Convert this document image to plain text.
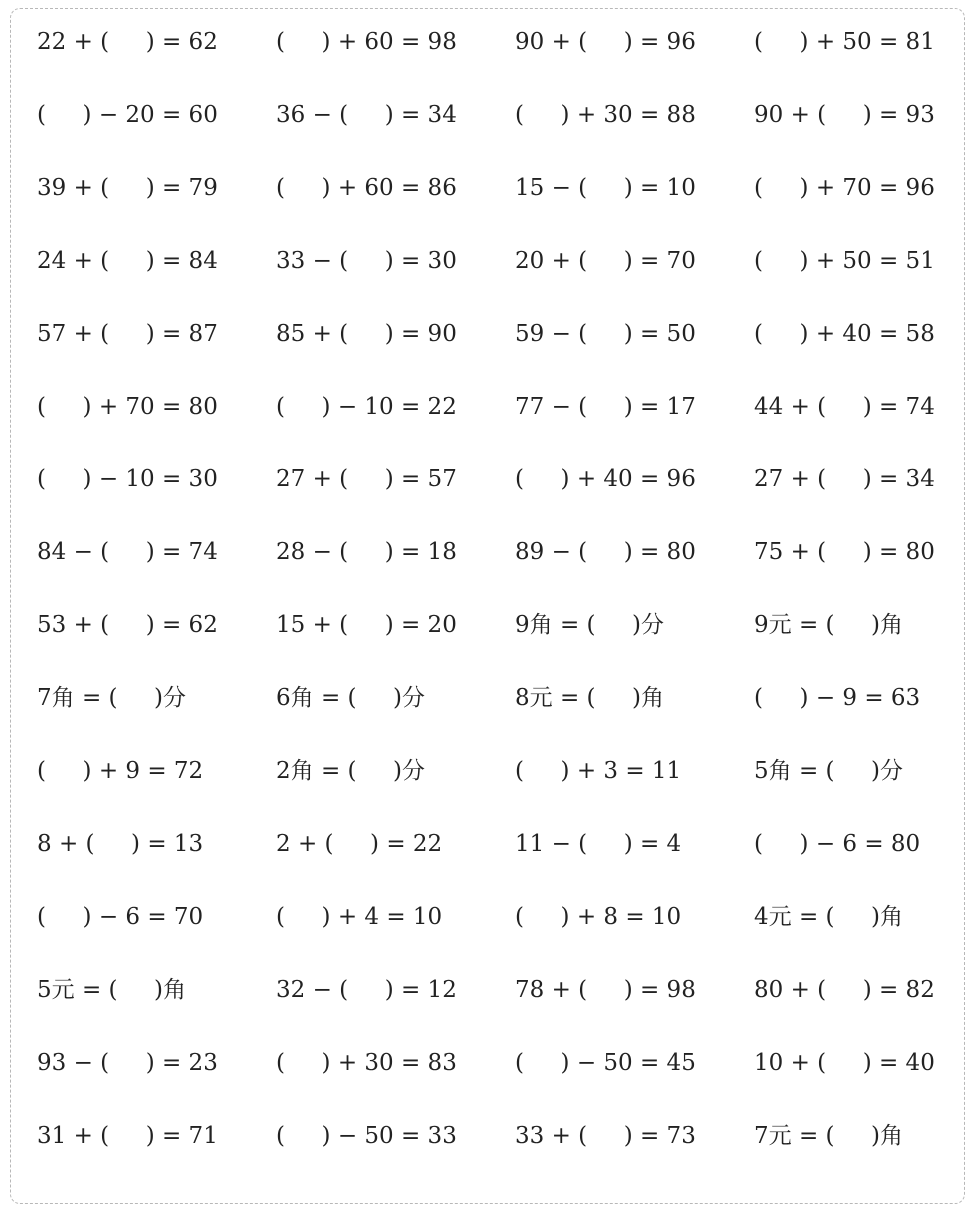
22 + (     ) = 62	(     ) + 60 = 98	90 + (     ) = 96	(     ) + 50 = 81
(     ) − 20 = 60	36 − (     ) = 34	(     ) + 30 = 88	90 + (     ) = 93
39 + (     ) = 79	(     ) + 60 = 86	15 − (     ) = 10	(     ) + 70 = 96
24 + (     ) = 84	33 − (     ) = 30	20 + (     ) = 70	(     ) + 50 = 51
57 + (     ) = 87	85 + (     ) = 90	59 − (     ) = 50	(     ) + 40 = 58
(     ) + 70 = 80	(     ) − 10 = 22	77 − (     ) = 17	44 + (     ) = 74
(     ) − 10 = 30	27 + (     ) = 57	(     ) + 40 = 96	27 + (     ) = 34
84 − (     ) = 74	28 − (     ) = 18	89 − (     ) = 80	75 + (     ) = 80
53 + (     ) = 62	15 + (     ) = 20	9角 = (     )分	9元 = (     )角
7角 = (     )分	6角 = (     )分	8元 = (     )角	(     ) − 9 = 63
(     ) + 9 = 72	2角 = (     )分	(     ) + 3 = 11	5角 = (     )分
8 + (     ) = 13	2 + (     ) = 22	11 − (     ) = 4	(     ) − 6 = 80
(     ) − 6 = 70	(     ) + 4 = 10	(     ) + 8 = 10	4元 = (     )角
5元 = (     )角	32 − (     ) = 12	78 + (     ) = 98	80 + (     ) = 82
93 − (     ) = 23	(     ) + 30 = 83	(     ) − 50 = 45	10 + (     ) = 40
31 + (     ) = 71	(     ) − 50 = 33	33 + (     ) = 73	7元 = (     )角
